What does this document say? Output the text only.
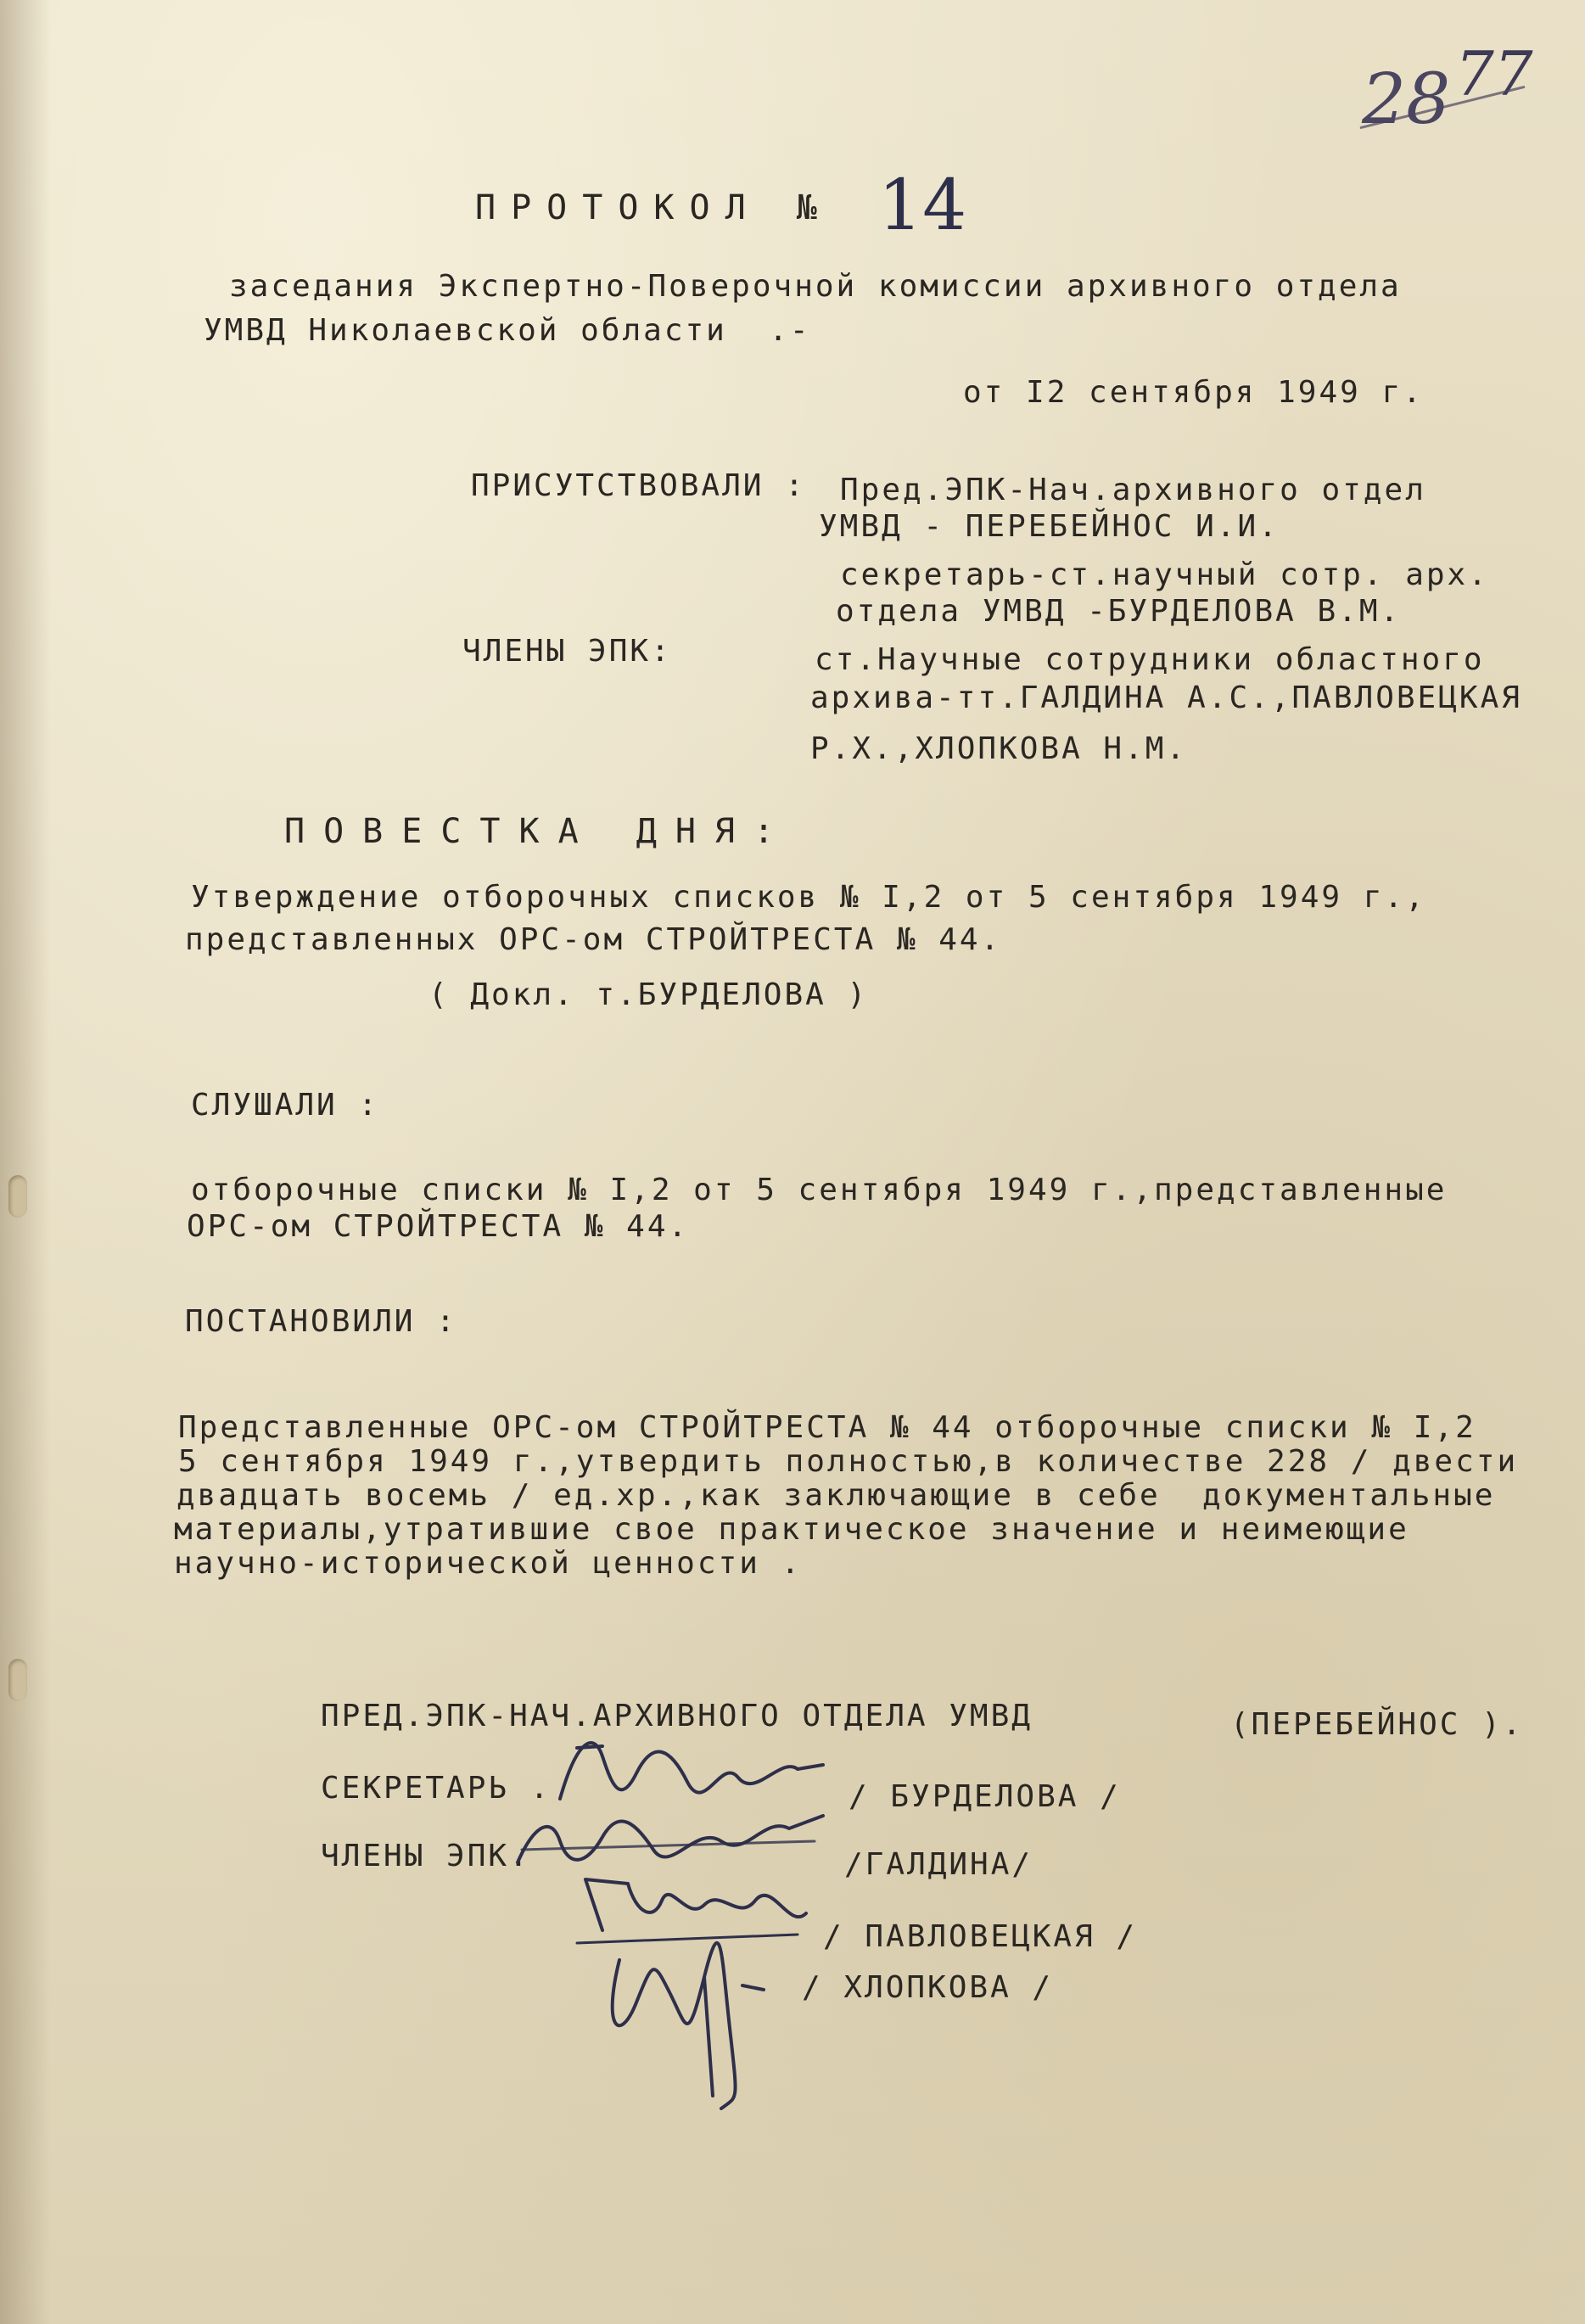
28 77
ПРОТОКОЛ № 14
заседания Экспертно-Поверочной комиссии архивного отдела
УМВД Николаевской области  .-
от I2 сентября 1949 г.
ПРИСУТСТВОВАЛИ : Пред.ЭПК-Нач.архивного отдел
УМВД - ПЕРЕБЕЙНОС И.И.
секретарь-ст.научный сотр. арх.
отдела УМВД -БУРДЕЛОВА В.М.
ЧЛЕНЫ ЭПК:	ст.Научные сотрудники областного
архива-тт.ГАЛДИНА А.С.,ПАВЛОВЕЦКАЯ
Р.Х.,ХЛОПКОВА Н.М.
ПОВЕСТКА ДНЯ:
Утверждение отборочных списков № I,2 от 5 сентября 1949 г.,
представленных ОРС-ом СТРОЙТРЕСТА № 44.
( Докл. т.БУРДЕЛОВА )
СЛУШАЛИ :
отборочные списки № I,2 от 5 сентября 1949 г.,представленные
ОРС-ом СТРОЙТРЕСТА № 44.
ПОСТАНОВИЛИ :
Представленные ОРС-ом СТРОЙТРЕСТА № 44 отборочные списки № I,2
5 сентября 1949 г.,утвердить полностью,в количестве 228 / двести
двадцать восемь / ед.хр.,как заключающие в себе  документальные
материалы,утратившие свое практическое значение и неимеющие
научно-исторической ценности .
ПРЕД.ЭПК-НАЧ.АРХИВНОГО ОТДЕЛА УМВД	(ПЕРЕБЕЙНОС ).
СЕКРЕТАРЬ .	/ БУРДЕЛОВА /
ЧЛЕНЫ ЭПК.	/ГАЛДИНА/
/ ПАВЛОВЕЦКАЯ /
/ ХЛОПКОВА /
